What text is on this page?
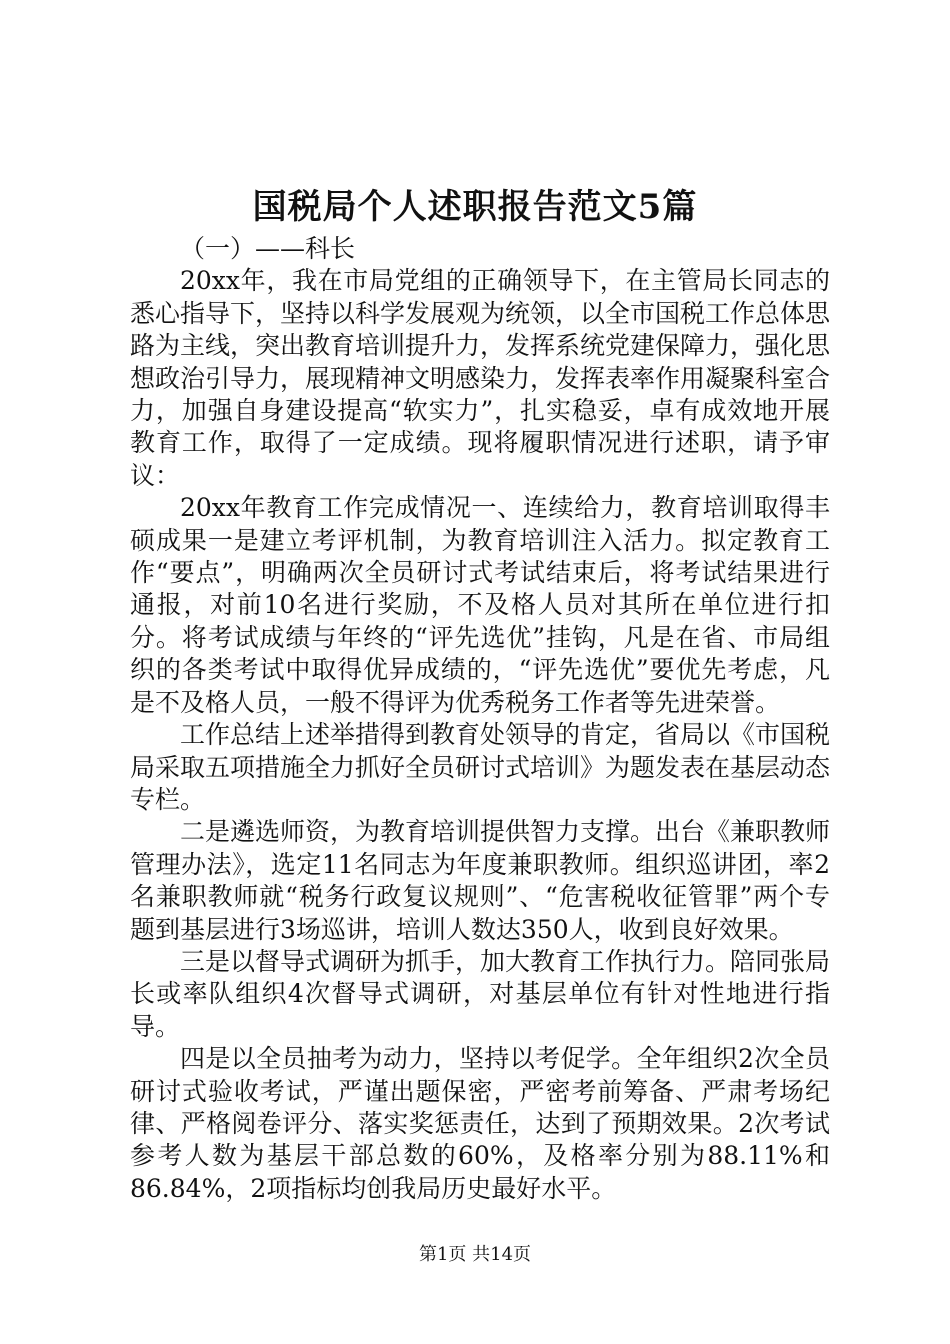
国税局个人述职报告范文5篇

（一）——科长

20xx年，我在市局党组的正确领导下，在主管局长同志的悉心指导下，坚持以科学发展观为统领，以全市国税工作总体思路为主线，突出教育培训提升力，发挥系统党建保障力，强化思想政治引导力，展现精神文明感染力，发挥表率作用凝聚科室合力，加强自身建设提高“软实力”，扎实稳妥，卓有成效地开展教育工作，取得了一定成绩。现将履职情况进行述职，请予审议：

20xx年教育工作完成情况一、连续给力，教育培训取得丰硕成果一是建立考评机制，为教育培训注入活力。拟定教育工作“要点”，明确两次全员研讨式考试结束后，将考试结果进行通报，对前10名进行奖励，不及格人员对其所在单位进行扣分。将考试成绩与年终的“评先选优”挂钩，凡是在省、市局组织的各类考试中取得优异成绩的，“评先选优”要优先考虑，凡是不及格人员，一般不得评为优秀税务工作者等先进荣誉。

工作总结上述举措得到教育处领导的肯定，省局以《市国税局采取五项措施全力抓好全员研讨式培训》为题发表在基层动态专栏。

二是遴选师资，为教育培训提供智力支撑。出台《兼职教师管理办法》，选定11名同志为年度兼职教师。组织巡讲团，率2名兼职教师就“税务行政复议规则”、“危害税收征管罪”两个专题到基层进行3场巡讲，培训人数达350人，收到良好效果。

三是以督导式调研为抓手，加大教育工作执行力。陪同张局长或率队组织4次督导式调研，对基层单位有针对性地进行指导。

四是以全员抽考为动力，坚持以考促学。全年组织2次全员研讨式验收考试，严谨出题保密，严密考前筹备、严肃考场纪律、严格阅卷评分、落实奖惩责任，达到了预期效果。2次考试参考人数为基层干部总数的60%，及格率分别为88.11%和86.84%，2项指标均创我局历史最好水平。

第1页 共14页
